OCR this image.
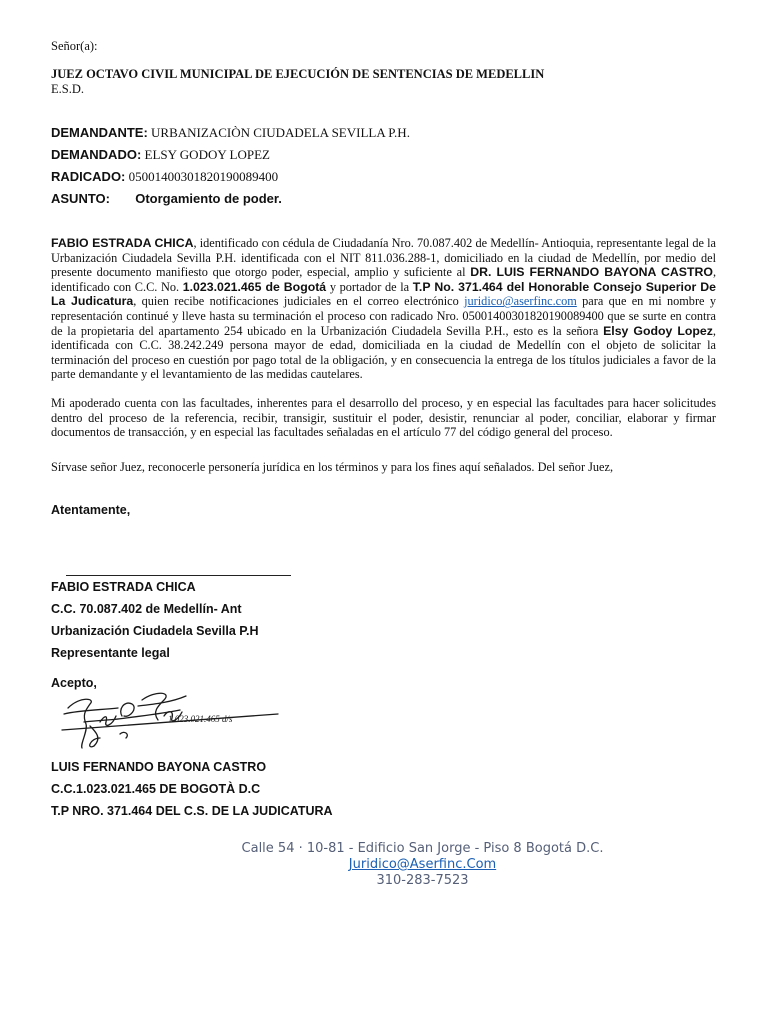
Señor(a):
JUEZ OCTAVO CIVIL MUNICIPAL DE EJECUCIÓN DE SENTENCIAS DE MEDELLIN
E.S.D.
DEMANDANTE: URBANIZACIÒN CIUDADELA SEVILLA P.H.
DEMANDADO: ELSY GODOY LOPEZ
RADICADO: 05001400301820190089400
ASUNTO: Otorgamiento de poder.
FABIO ESTRADA CHICA, identificado con cédula de Ciudadanía Nro. 70.087.402 de Medellín- Antioquia, representante legal de la Urbanización Ciudadela Sevilla P.H. identificada con el NIT 811.036.288-1, domiciliado en la ciudad de Medellín, por medio del presente documento manifiesto que otorgo poder, especial, amplio y suficiente al DR. LUIS FERNANDO BAYONA CASTRO, identificado con C.C. No. 1.023.021.465 de Bogotá y portador de la T.P No. 371.464 del Honorable Consejo Superior De La Judicatura, quien recibe notificaciones judiciales en el correo electrónico juridico@aserfinc.com para que en mi nombre y representación continué y lleve hasta su terminación el proceso con radicado Nro. 05001400301820190089400 que se surte en contra de la propietaria del apartamento 254 ubicado en la Urbanización Ciudadela Sevilla P.H., esto es la señora Elsy Godoy Lopez, identificada con C.C. 38.242.249 persona mayor de edad, domiciliada en la ciudad de Medellín con el objeto de solicitar la terminación del proceso en cuestión por pago total de la obligación, y en consecuencia la entrega de los títulos judiciales a favor de la parte demandante y el levantamiento de las medidas cautelares.
Mi apoderado cuenta con las facultades, inherentes para el desarrollo del proceso, y en especial las facultades para hacer solicitudes dentro del proceso de la referencia, recibir, transigir, sustituir el poder, desistir, renunciar al poder, conciliar, elaborar y firmar documentos de transacción, y en especial las facultades señaladas en el artículo 77 del código general del proceso.
Sírvase señor Juez, reconocerle personería jurídica en los términos y para los fines aquí señalados. Del señor Juez,
Atentamente,
FABIO ESTRADA CHICA
C.C. 70.087.402 de Medellín- Ant
Urbanización Ciudadela Sevilla P.H
Representante legal
Acepto,
1.023.021.465 d/s
LUIS FERNANDO BAYONA CASTRO
C.C.1.023.021.465 DE BOGOTÀ D.C
T.P NRO. 371.464 DEL C.S. DE LA JUDICATURA
Calle 54 · 10-81 - Edificio San Jorge - Piso 8 Bogotá D.C.
Juridico@Aserfinc.Com
310-283-7523
